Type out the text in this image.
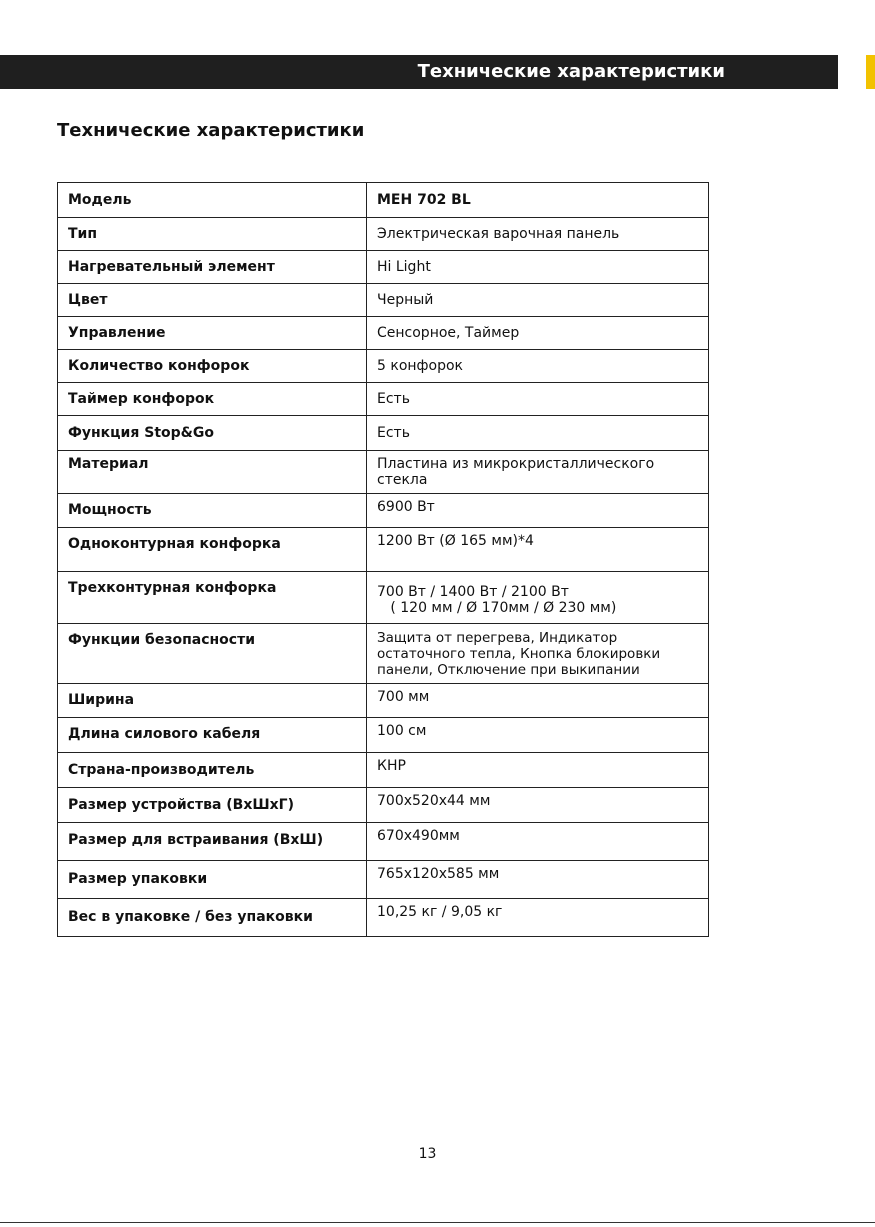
Технические характеристики
Технические характеристики
Модель	MEH 702 BL
Тип	Электрическая варочная панель
Нагревательный элемент	Hi Light
Цвет	Черный
Управление	Сенсорное, Таймер
Количество конфорок	5 конфорок
Таймер конфорок	Есть
Функция Stop&Go	Есть
Материал	Пластина из микрокристаллического стекла
Мощность	6900 Вт
Одноконтурная конфорка	1200 Вт (Ø 165 мм)*4
Трехконтурная конфорка	700 Вт / 1400 Вт / 2100 Вт
( 120 мм / Ø 170мм / Ø 230 мм)
Функции безопасности	Защита от перегрева, Индикатор остаточного тепла, Кнопка блокировки панели, Отключение при выкипании
Ширина	700 мм
Длина силового кабеля	100 см
Страна-производитель	КНР
Размер устройства (ВхШхГ)	700x520x44 мм
Размер для встраивания (ВхШ)	670x490мм
Размер упаковки	765x120x585 мм
Вес в упаковке / без упаковки	10,25 кг / 9,05 кг
13
